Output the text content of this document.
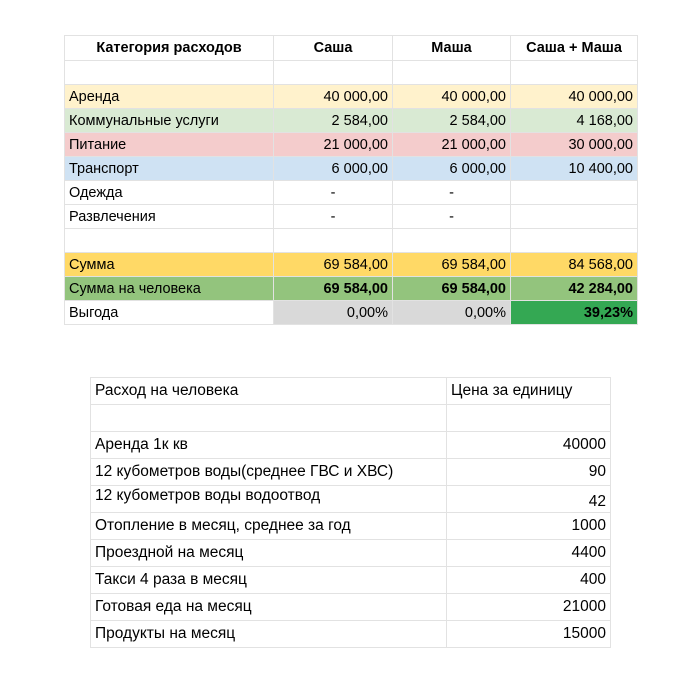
Категория расходов	Саша	Маша	Саша + Маша

Аренда	40 000,00	40 000,00	40 000,00
Коммунальные услуги	2 584,00	2 584,00	4 168,00
Питание	21 000,00	21 000,00	30 000,00
Транспорт	6 000,00	6 000,00	10 400,00
Одежда	-	-	
Развлечения	-	-	

Сумма	69 584,00	69 584,00	84 568,00
Сумма на человека	69 584,00	69 584,00	42 284,00
Выгода	0,00%	0,00%	39,23%
Расход на человека	Цена за единицу

Аренда 1к кв	40000
12 кубометров воды(среднее ГВС и ХВС)	90
12 кубометров воды водоотвод	42
Отопление в месяц, среднее за год	1000
Проездной на месяц	4400
Такси 4 раза в месяц	400
Готовая еда на месяц	21000
Продукты на месяц	15000
